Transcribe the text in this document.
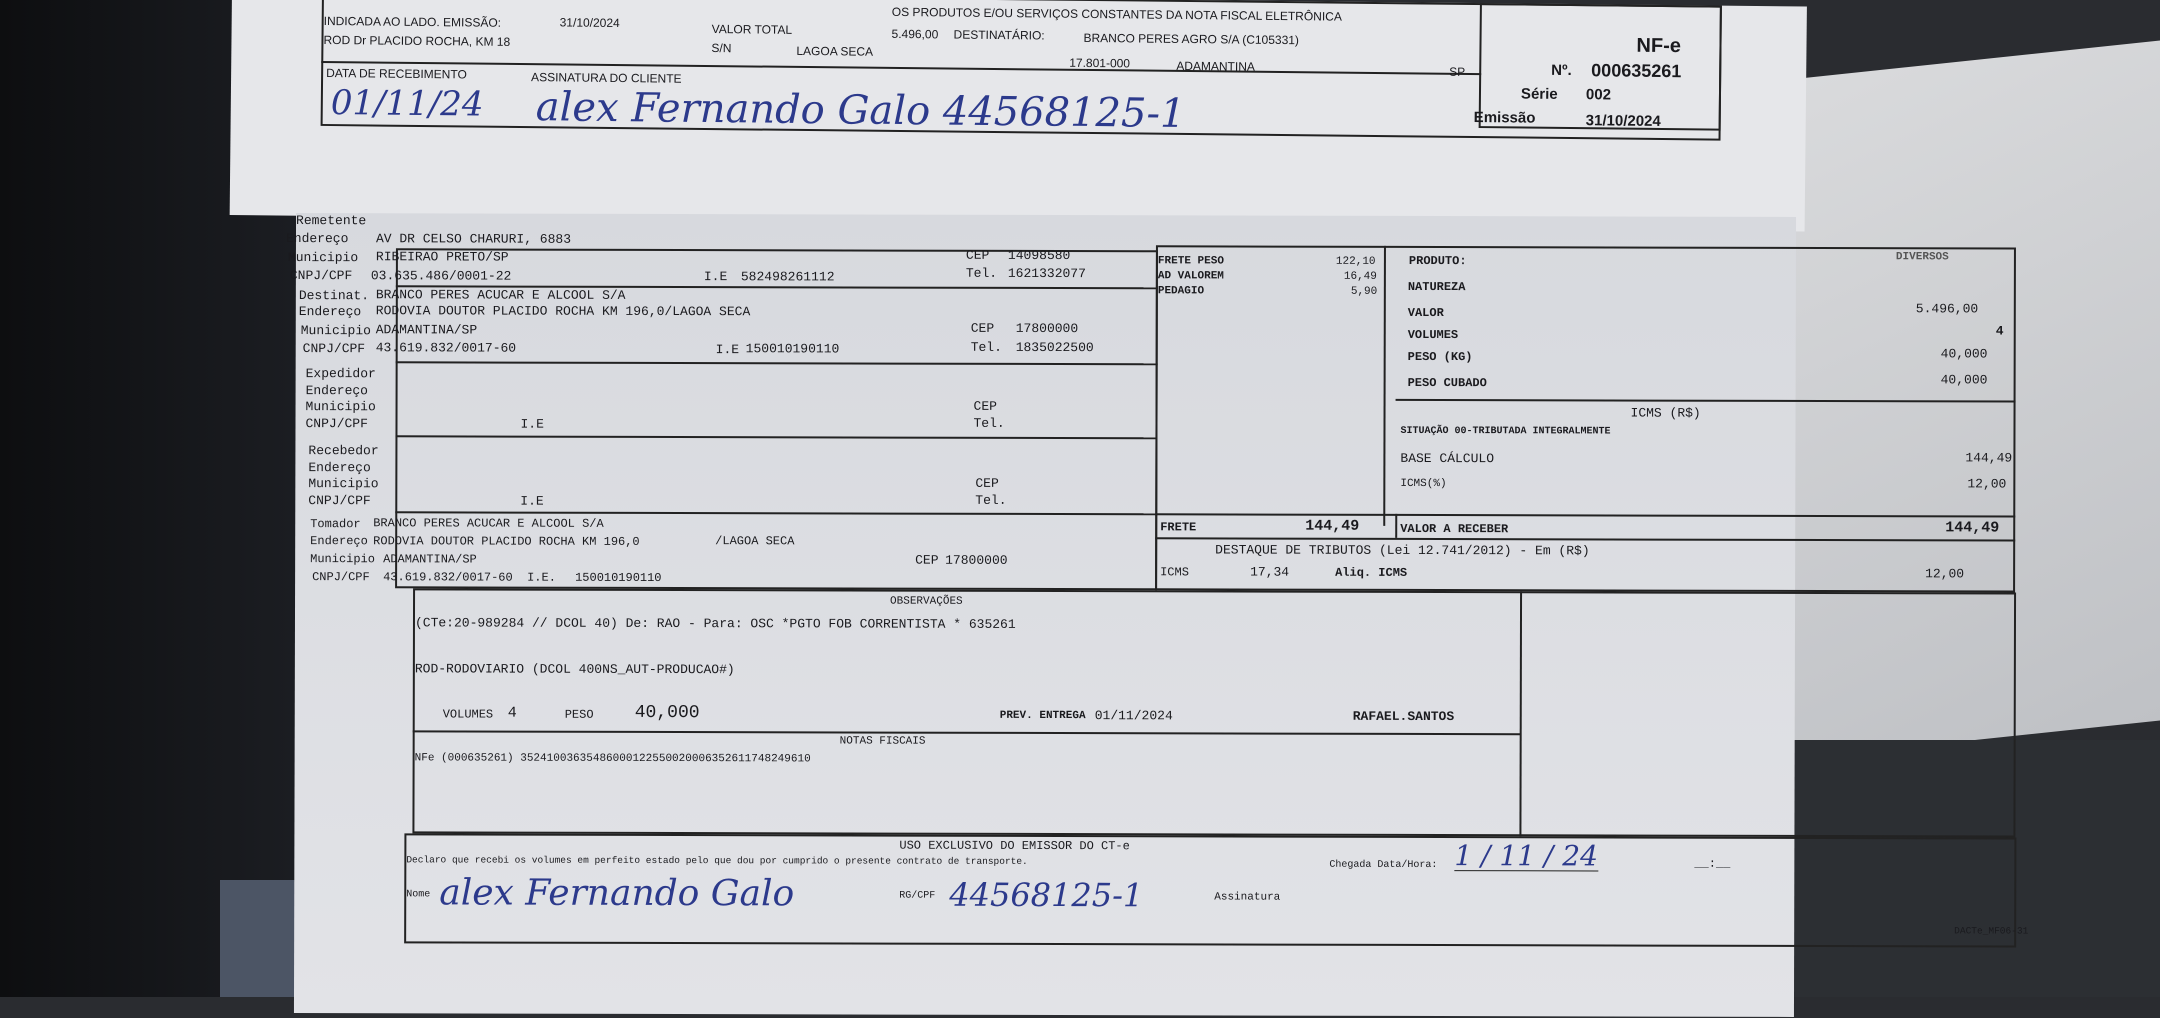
OS PRODUTOS E/OU SERVIÇOS CONSTANTES DA NOTA FISCAL ELETRÔNICA
INDICADA AO LADO. EMISSÃO:	31/10/2024	VALOR TOTAL	5.496,00 DESTINATÁRIO:	BRANCO PERES AGRO S/A (C105331)
ROD Dr PLACIDO ROCHA, KM 18	S/N	LAGOA SECA
17.801-000	ADAMANTINA	SP
DATA DE RECEBIMENTO
01/11/24
ASSINATURA DO CLIENTE
alex Fernando Galo 44568125-1
NF-e
Nº. 000635261
Série 002
Emissão	31/10/2024
Remetente
Endereço AV DR CELSO CHARURI, 6883
Municipio RIBEIRAO PRETO/SP	CEP 14098580
CNPJ/CPF 03.635.486/0001-22	I.E 582498261112	Tel. 1621332077
Destinat. BRANCO PERES ACUCAR E ALCOOL S/A
Endereço RODOVIA DOUTOR PLACIDO ROCHA KM 196,0/LAGOA SECA
Municipio ADAMANTINA/SP	CEP 17800000
CNPJ/CPF 43.619.832/0017-60	I.E 150010190110	Tel. 1835022500
Expedidor
Endereço
Municipio
CNPJ/CPF	I.E
CEP
Tel.
Recebedor
Endereço
Municipio
CNPJ/CPF	I.E
CEP
Tel.
Tomador BRANCO PERES ACUCAR E ALCOOL S/A
Endereço RODOVIA DOUTOR PLACIDO ROCHA KM 196,0	/LAGOA SECA
Municipio ADAMANTINA/SP	CEP 17800000
CNPJ/CPF 43.619.832/0017-60 I.E. 150010190110
FRETE PESO	122,10
AD VALOREM	16,49
PEDAGIO	5,90
FRETE	144,49
PRODUTO:	DIVERSOS
NATUREZA
VALOR	5.496,00
VOLUMES	4
PESO (KG)	40,000
PESO CUBADO	40,000
ICMS (R$)
SITUAÇÃO 00-TRIBUTADA INTEGRALMENTE
BASE CÁLCULO	144,49
ICMS(%)	12,00
VALOR A RECEBER	144,49
DESTAQUE DE TRIBUTOS (Lei 12.741/2012) - Em (R$)
ICMS	17,34	Aliq. ICMS	12,00
OBSERVAÇÕES
(CTe:20-989284 // DCOL 40) De: RAO - Para: OSC *PGTO FOB CORRENTISTA * 635261
ROD-RODOVIARIO (DCOL 400NS_AUT-PRODUCAO#)
VOLUMES 4	PESO 40,000	PREV. ENTREGA 01/11/2024	RAFAEL.SANTOS
NOTAS FISCAIS
NFe (000635261) 35241003635486000122550020006352611748249610
USO EXCLUSIVO DO EMISSOR DO CT-e
Declaro que recebi os volumes em perfeito estado pelo que dou por cumprido o presente contrato de transporte.	Chegada Data/Hora: 1 / 11 / 24	__:__
Nome alex Fernando Galo	RG/CPF 44568125-1	Assinatura
DACTe_MF06-31
